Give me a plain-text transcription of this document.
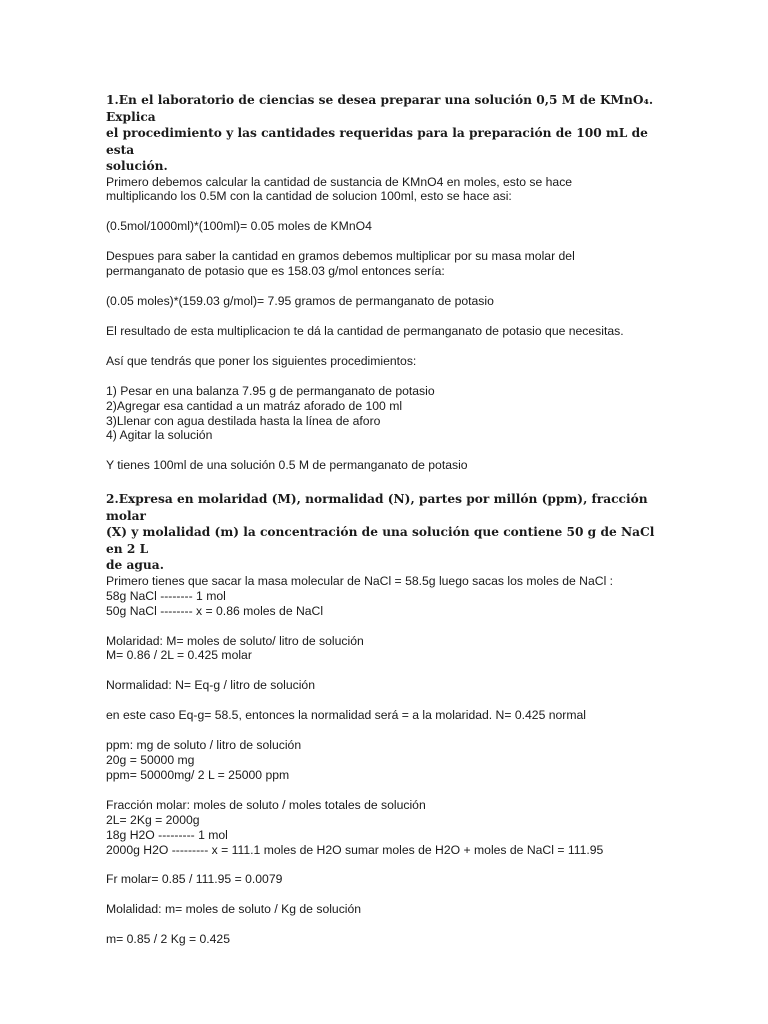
1.En el laboratorio de ciencias se desea preparar una solución 0,5 M de KMnO₄. Explica
el procedimiento y las cantidades requeridas para la preparación de 100 mL de esta
solución.
Primero debemos calcular la cantidad de sustancia de KMnO4 en moles, esto se hace
multiplicando los 0.5M con la cantidad de solucion 100ml, esto se hace asi:
(0.5mol/1000ml)*(100ml)= 0.05 moles de KMnO4
Despues para saber la cantidad en gramos debemos multiplicar por su masa molar del
permanganato de potasio que es 158.03 g/mol entonces sería:
(0.05 moles)*(159.03 g/mol)= 7.95 gramos de permanganato de potasio
El resultado de esta multiplicacion te dá la cantidad de permanganato de potasio que necesitas.
Así que tendrás que poner los siguientes procedimientos:
1) Pesar en una balanza 7.95 g de permanganato de potasio
2)Agregar esa cantidad a un matráz aforado de 100 ml
3)Llenar con agua destilada hasta la línea de aforo
4) Agitar la solución
Y tienes 100ml de una solución 0.5 M de permanganato de potasio
2.Expresa en molaridad (M), normalidad (N), partes por millón (ppm), fracción molar
(X) y molalidad (m) la concentración de una solución que contiene 50 g de NaCl en 2 L
de agua.
Primero tienes que sacar la masa molecular de NaCl = 58.5g luego sacas los moles de NaCl :
58g NaCl -------- 1 mol
50g NaCl -------- x = 0.86 moles de NaCl
Molaridad: M= moles de soluto/ litro de solución
M= 0.86 / 2L = 0.425 molar
Normalidad: N= Eq-g / litro de solución
en este caso Eq-g= 58.5, entonces la normalidad será = a la molaridad. N= 0.425 normal
ppm: mg de soluto / litro de solución
20g = 50000 mg
ppm= 50000mg/ 2 L = 25000 ppm
Fracción molar: moles de soluto / moles totales de solución
2L= 2Kg = 2000g
18g H2O --------- 1 mol
2000g H2O --------- x = 111.1 moles de H2O sumar moles de H2O + moles de NaCl = 111.95
Fr molar= 0.85 / 111.95 = 0.0079
Molalidad: m= moles de soluto / Kg de solución
m= 0.85 / 2 Kg = 0.425
